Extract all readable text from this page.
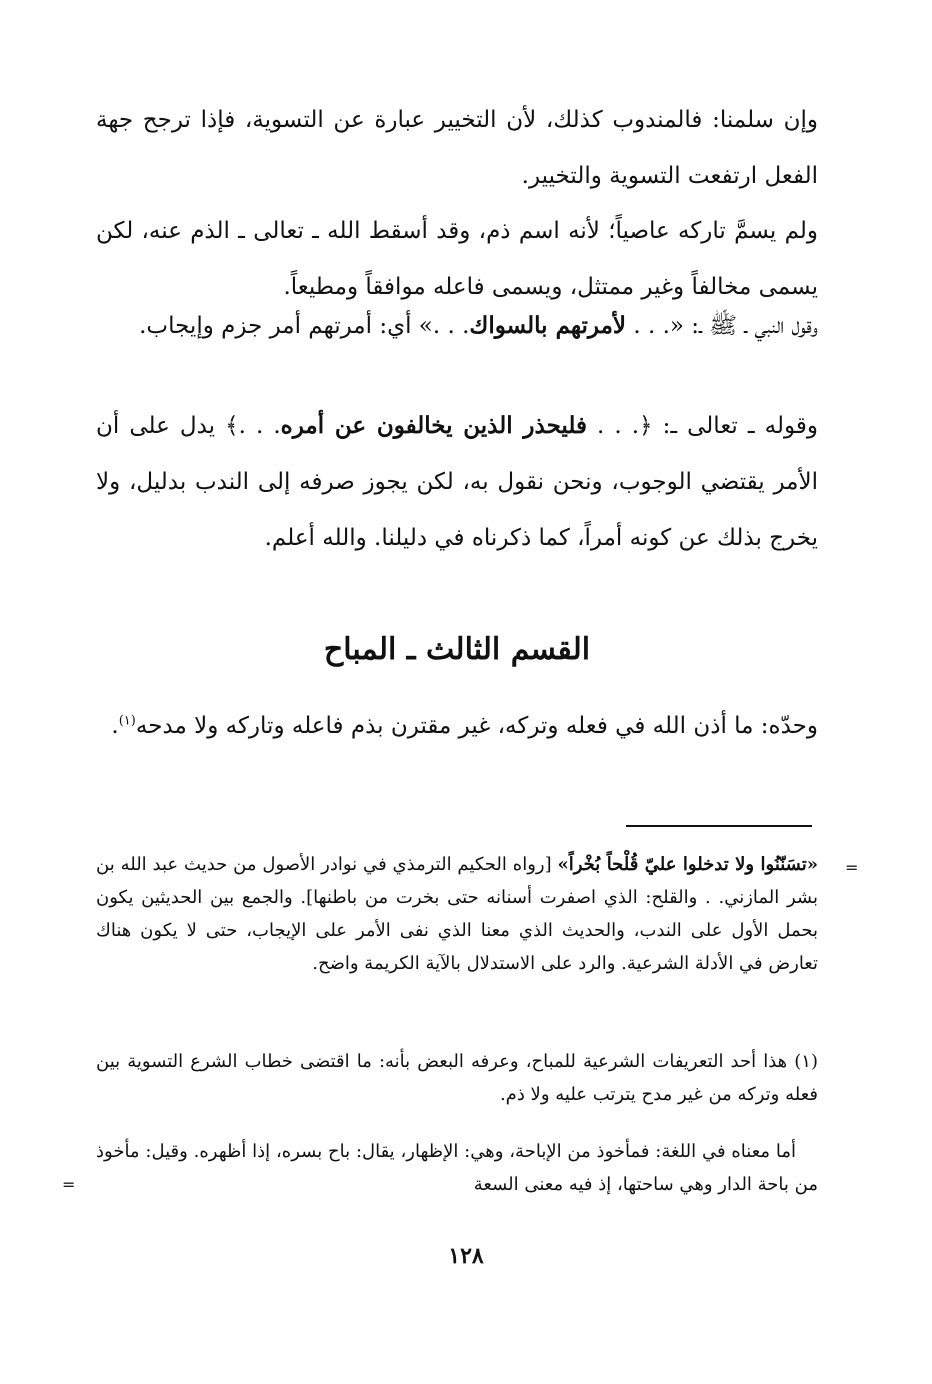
وإن سلمنا: فالمندوب كذلك، لأن التخيير عبارة عن التسوية، فإذا ترجح جهة الفعل ارتفعت التسوية والتخيير.

ولم يسمَّ تاركه عاصياً؛ لأنه اسم ذم، وقد أسقط الله ـ تعالى ـ الذم عنه، لكن يسمى مخالفاً وغير ممتثل، ويسمى فاعله موافقاً ومطيعاً.

وقول النبي ـ ﷺ ـ: «. . . لأمرتهم بالسواك. . .» أي: أمرتهم أمر جزم وإيجاب.

وقوله ـ تعالى ـ: ﴿. . . فليحذر الذين يخالفون عن أمره. . .﴾ يدل على أن الأمر يقتضي الوجوب، ونحن نقول به، لكن يجوز صرفه إلى الندب بدليل، ولا يخرج بذلك عن كونه أمراً، كما ذكرناه في دليلنا. والله أعلم.

القسم الثالث ـ المباح

وحدّه: ما أذن الله في فعله وتركه، غير مقترن بذم فاعله وتاركه ولا مدحه$^{(١)}$.

=

«تسَنّنُوا ولا تدخلوا عليّ قُلْحاً بُخْراً» [رواه الحكيم الترمذي في نوادر الأصول من حديث عبد الله بن بشر المازني. . والقلح: الذي اصفرت أسنانه حتى بخرت من باطنها]. والجمع بين الحديثين يكون بحمل الأول على الندب، والحديث الذي معنا الذي نفى الأمر على الإيجاب، حتى لا يكون هناك تعارض في الأدلة الشرعية. والرد على الاستدلال بالآية الكريمة واضح.

(١) هذا أحد التعريفات الشرعية للمباح، وعرفه البعض بأنه: ما اقتضى خطاب الشرع التسوية بين فعله وتركه من غير مدح يترتب عليه ولا ذم.

أما معناه في اللغة: فمأخوذ من الإباحة، وهي: الإظهار، يقال: باح بسره، إذا أظهره. وقيل: مأخوذ من باحة الدار وهي ساحتها، إذ فيه معنى السعة

=
١٢٨
